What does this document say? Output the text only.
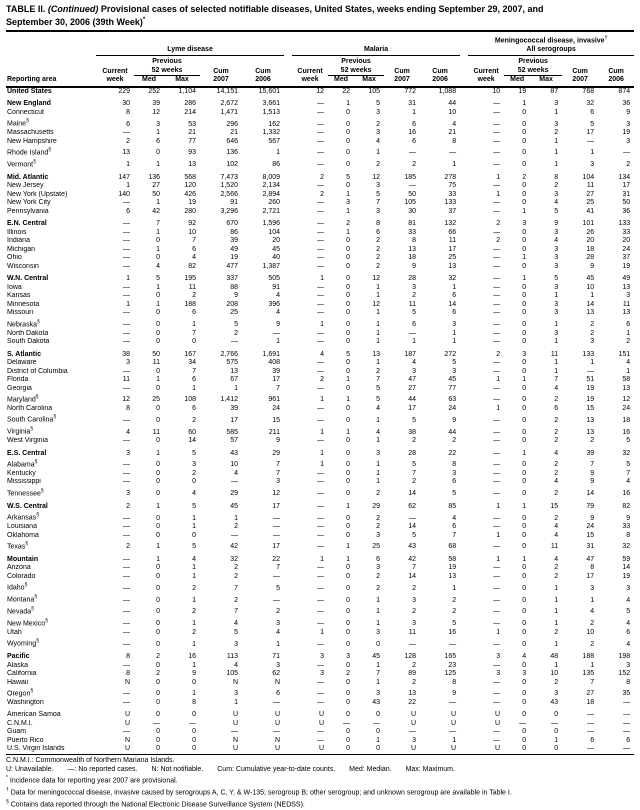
TABLE II. (Continued) Provisional cases of selected notifiable diseases, United States, weeks ending September 29, 2007, and
September 30, 2006 (39th Week)*
Reporting area	Lyme disease						Malaria						Meningococcal disease, invasive†
All serogroups				

Current
week

Previous
52 weeks	Cum
2007

Cum
2006

Current
week

Previous
52 weeks	Cum
2007

Cum
2006

Current
week

Previous
52 weeks	Cum
2007

Cum
2006

		Med	Max					Med	Max					Med	Max		
United States	229	252	1,104	14,151	15,601		12	22	105	772	1,088		10	19	87	768	874
New England	30	39	286	2,672	3,661		—	1	5	31	44		—	1	3	32	36
Connecticut	8	12	214	1,471	1,513		—	0	3	1	10		—	0	1	6	9
Maine§	6	3	53	296	162		—	0	2	6	4		—	0	3	5	3
Massachusetts	—	1	21	21	1,332		—	0	3	16	21		—	0	2	17	19
New Hampshire	2	6	77	646	567		—	0	4	6	8		—	0	1	—	3
Rhode Island§	13	0	93	136	1		—	0	1	—	—		—	0	1	1	—
Vermont§	1	1	13	102	86		—	0	2	2	1		—	0	1	3	2
Mid. Atlantic	147	136	568	7,473	8,009		2	5	12	185	278		1	2	8	104	134
New Jersey	1	27	120	1,520	2,134		—	0	3	—	75		—	0	2	11	17
New York (Upstate)	140	50	426	2,566	2,894		2	1	5	50	33		1	0	3	27	31
New York City	—	1	19	91	260		—	3	7	105	133		—	0	4	25	50
Pennsylvania	6	42	280	3,296	2,721		—	1	3	30	37		—	1	5	41	36
E.N. Central	—	7	92	670	1,596		—	2	8	81	132		2	3	9	101	133
Illinois	—	1	10	86	104		—	1	6	33	66		—	0	3	26	33
Indiana	—	0	7	39	20		—	0	2	8	11		2	0	4	20	20
Michigan	—	1	6	49	45		—	0	2	13	17		—	0	3	18	24
Ohio	—	0	4	19	40		—	0	2	18	25		—	1	3	28	37
Wisconsin	—	4	82	477	1,387		—	0	2	9	13		—	0	3	9	19
W.N. Central	1	5	195	337	505		1	0	12	28	32		—	1	5	45	49
Iowa	—	1	11	88	91		—	0	1	3	1		—	0	3	10	13
Kansas	—	0	2	9	4		—	0	1	2	6		—	0	1	1	3
Minnesota	1	1	188	208	396		—	0	12	11	14		—	0	3	14	11
Missouri	—	0	6	25	4		—	0	1	5	6		—	0	3	13	13
Nebraska§	—	0	1	5	9		1	0	1	6	3		—	0	1	2	6
North Dakota	—	0	7	2	—		—	0	1	—	1		—	0	3	2	1
South Dakota	—	0	0	—	1		—	0	1	1	1		—	0	1	3	2
S. Atlantic	38	50	167	2,766	1,691		4	5	13	187	272		2	3	11	133	151
Delaware	3	11	34	575	408		—	0	1	4	5		—	0	1	1	4
District of Columbia	—	0	7	13	39		—	0	2	3	3		—	0	1	—	1
Florida	11	1	6	67	17		2	1	7	47	45		1	1	7	51	58
Georgia	—	0	1	1	7		—	0	5	27	77		—	0	4	19	13
Maryland§	12	25	108	1,412	961		1	1	5	44	63		—	0	2	19	12
North Carolina	8	0	6	39	24		—	0	4	17	24		1	0	6	15	24
South Carolina§	—	0	2	17	15		—	0	1	5	9		—	0	2	13	18
Virginia§	4	11	60	585	211		1	1	4	38	44		—	0	2	13	16
West Virginia	—	0	14	57	9		—	0	1	2	2		—	0	2	2	5
E.S. Central	3	1	5	43	29		1	0	3	28	22		—	1	4	39	32
Alabama§	—	0	3	10	7		1	0	1	5	8		—	0	2	7	5
Kentucky	—	0	2	4	7		—	0	1	7	3		—	0	2	9	7
Mississippi	—	0	0	—	3		—	0	1	2	6		—	0	4	9	4
Tennessee§	3	0	4	29	12		—	0	2	14	5		—	0	2	14	16
W.S. Central	2	1	5	45	17		—	1	29	62	85		1	1	15	79	82
Arkansas§	—	0	1	1	—		—	0	2	—	4		—	0	2	9	9
Louisiana	—	0	1	2	—		—	0	2	14	6		—	0	4	24	33
Oklahoma	—	0	0	—	—		—	0	3	5	7		1	0	4	15	8
Texas§	2	1	5	42	17		—	1	25	43	68		—	0	11	31	32
Mountain	—	1	4	32	22		1	1	6	42	58		1	1	4	47	59
Arizona	—	0	1	2	7		—	0	3	7	19		—	0	2	8	14
Colorado	—	0	1	2	—		—	0	2	14	13		—	0	2	17	19
Idaho§	—	0	2	7	5		—	0	2	2	1		—	0	1	3	3
Montana§	—	0	1	2	—		—	0	1	3	2		—	0	1	1	4
Nevada§	—	0	2	7	2		—	0	1	2	2		—	0	1	4	5
New Mexico§	—	0	1	4	3		—	0	1	3	5		—	0	1	2	4
Utah	—	0	2	5	4		1	0	3	11	16		1	0	2	10	6
Wyoming§	—	0	1	3	1		—	0	0	—	—		—	0	1	2	4
Pacific	8	2	16	113	71		3	3	45	128	165		3	4	48	188	198
Alaska	—	0	1	4	3		—	0	1	2	23		—	0	1	1	3
California	8	2	9	105	62		3	2	7	89	125		3	3	10	135	152
Hawaii	N	0	0	N	N		—	0	1	2	8		—	0	2	7	8
Oregon§	—	0	1	3	6		—	0	3	13	9		—	0	3	27	35
Washington	—	0	8	1	—		—	0	43	22	—		—	0	43	18	—
American Samoa	U	0	0	U	U		U	0	0	U	U		U	0	0	—	—
C.N.M.I.	U	—	—	U	U		U	—	—	U	U		U	—	—	—	—
Guam	—	0	0	—	—		—	0	0	—	—		—	0	0	—	—
Puerto Rico	N	0	0	N	N		—	0	1	3	1		—	0	1	6	6
U.S. Virgin Islands	U	0	0	U	U		U	0	0	U	U		U	0	0	—	—
C.N.M.I.: Commonwealth of Northern Mariana Islands.
U: Unavailable. —: No reported cases. N: Not notifiable. Cum: Cumulative year-to-date counts. Med: Median. Max: Maximum.
* Incidence data for reporting year 2007 are provisional.
† Data for meningococcal disease, invasive caused by serogroups A, C, Y, & W-135; serogroup B; other serogroup; and unknown serogroup are available in Table I.
§ Contains data reported through the National Electronic Disease Surveillance System (NEDSS).
